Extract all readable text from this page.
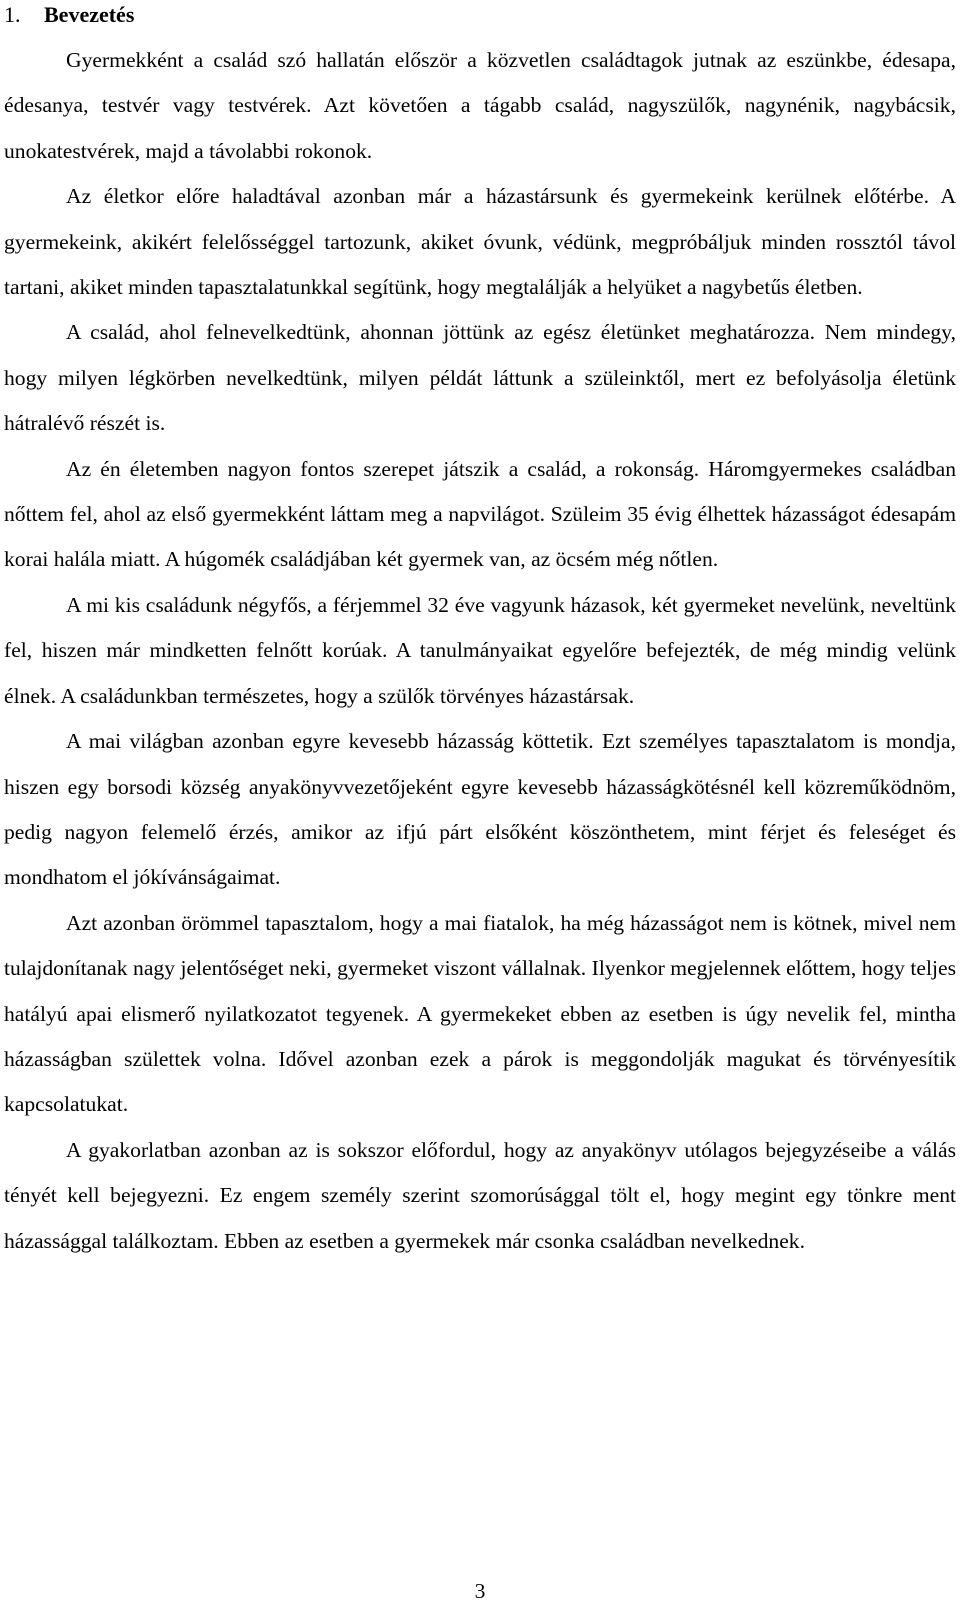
1. Bevezetés

Gyermekként a család szó hallatán először a közvetlen családtagok jutnak az eszünkbe, édesapa, édesanya, testvér vagy testvérek. Azt követően a tágabb család, nagyszülők, nagynénik, nagybácsik, unokatestvérek, majd a távolabbi rokonok.

Az életkor előre haladtával azonban már a házastársunk és gyermekeink kerülnek előtérbe. A gyermekeink, akikért felelősséggel tartozunk, akiket óvunk, védünk, megpróbáljuk minden rossztól távol tartani, akiket minden tapasztalatunkkal segítünk, hogy megtalálják a helyüket a nagybetűs életben.

A család, ahol felnevelkedtünk, ahonnan jöttünk az egész életünket meghatározza. Nem mindegy, hogy milyen légkörben nevelkedtünk, milyen példát láttunk a szüleinktől, mert ez befolyásolja életünk hátralévő részét is.

Az én életemben nagyon fontos szerepet játszik a család, a rokonság. Háromgyermekes családban nőttem fel, ahol az első gyermekként láttam meg a napvilágot. Szüleim 35 évig élhettek házasságot édesapám korai halála miatt. A húgomék családjában két gyermek van, az öcsém még nőtlen.

A mi kis családunk négyfős, a férjemmel 32 éve vagyunk házasok, két gyermeket nevelünk, neveltünk fel, hiszen már mindketten felnőtt korúak. A tanulmányaikat egyelőre befejezték, de még mindig velünk élnek. A családunkban természetes, hogy a szülők törvényes házastársak.

A mai világban azonban egyre kevesebb házasság köttetik. Ezt személyes tapasztalatom is mondja, hiszen egy borsodi község anyakönyvvezetőjeként egyre kevesebb házasságkötésnél kell közreműködnöm, pedig nagyon felemelő érzés, amikor az ifjú párt elsőként köszönthetem, mint férjet és feleséget és mondhatom el jókívánságaimat.

Azt azonban örömmel tapasztalom, hogy a mai fiatalok, ha még házasságot nem is kötnek, mivel nem tulajdonítanak nagy jelentőséget neki, gyermeket viszont vállalnak. Ilyenkor megjelennek előttem, hogy teljes hatályú apai elismerő nyilatkozatot tegyenek. A gyermekeket ebben az esetben is úgy nevelik fel, mintha házasságban születtek volna. Idővel azonban ezek a párok is meggondolják magukat és törvényesítik kapcsolatukat.

A gyakorlatban azonban az is sokszor előfordul, hogy az anyakönyv utólagos bejegyzéseibe a válás tényét kell bejegyezni. Ez engem személy szerint szomorúsággal tölt el, hogy megint egy tönkre ment házassággal találkoztam. Ebben az esetben a gyermekek már csonka családban nevelkednek.

3
